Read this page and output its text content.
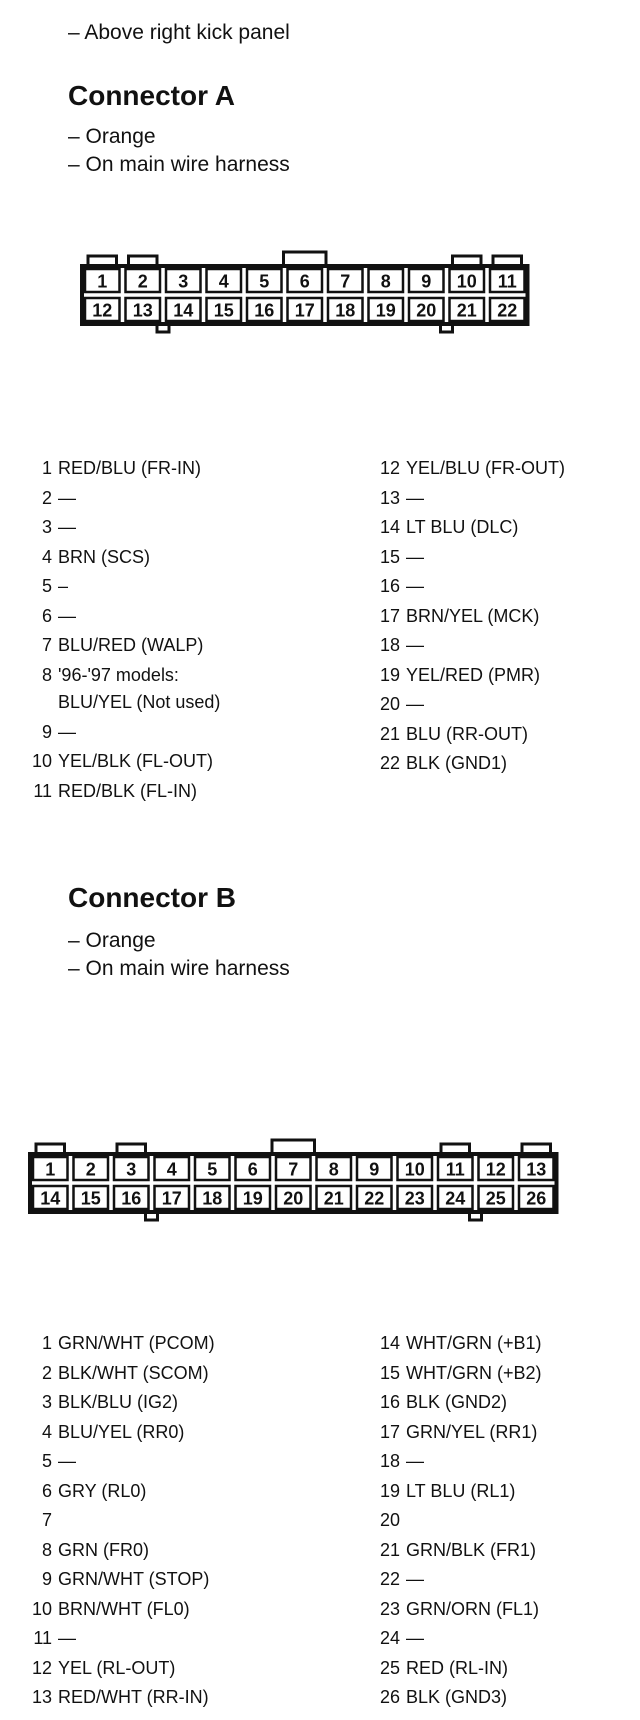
– Above right kick panel
Connector A
– Orange
– On main wire harness
1 2 3 4 5 6 7 8 9 10 11
12 13 14 15 16 17 18 19 20 21 22
1 RED/BLU (FR-IN)
2 —
3 —
4 BRN (SCS)
5 –
6 —
7 BLU/RED (WALP)
8 '96-'97 models:
BLU/YEL (Not used)
9 —
10 YEL/BLK (FL-OUT)
11 RED/BLK (FL-IN)
12 YEL/BLU (FR-OUT)
13 —
14 LT BLU (DLC)
15 —
16 —
17 BRN/YEL (MCK)
18 —
19 YEL/RED (PMR)
20 —
21 BLU (RR-OUT)
22 BLK (GND1)
Connector B
– Orange
– On main wire harness
1 2 3 4 5 6 7 8 9 10 11 12 13
14 15 16 17 18 19 20 21 22 23 24 25 26
1 GRN/WHT (PCOM)
2 BLK/WHT (SCOM)
3 BLK/BLU (IG2)
4 BLU/YEL (RR0)
5 —
6 GRY (RL0)
7
8 GRN (FR0)
9 GRN/WHT (STOP)
10 BRN/WHT (FL0)
11 —
12 YEL (RL-OUT)
13 RED/WHT (RR-IN)
14 WHT/GRN (+B1)
15 WHT/GRN (+B2)
16 BLK (GND2)
17 GRN/YEL (RR1)
18 —
19 LT BLU (RL1)
20
21 GRN/BLK (FR1)
22 —
23 GRN/ORN (FL1)
24 —
25 RED (RL-IN)
26 BLK (GND3)
